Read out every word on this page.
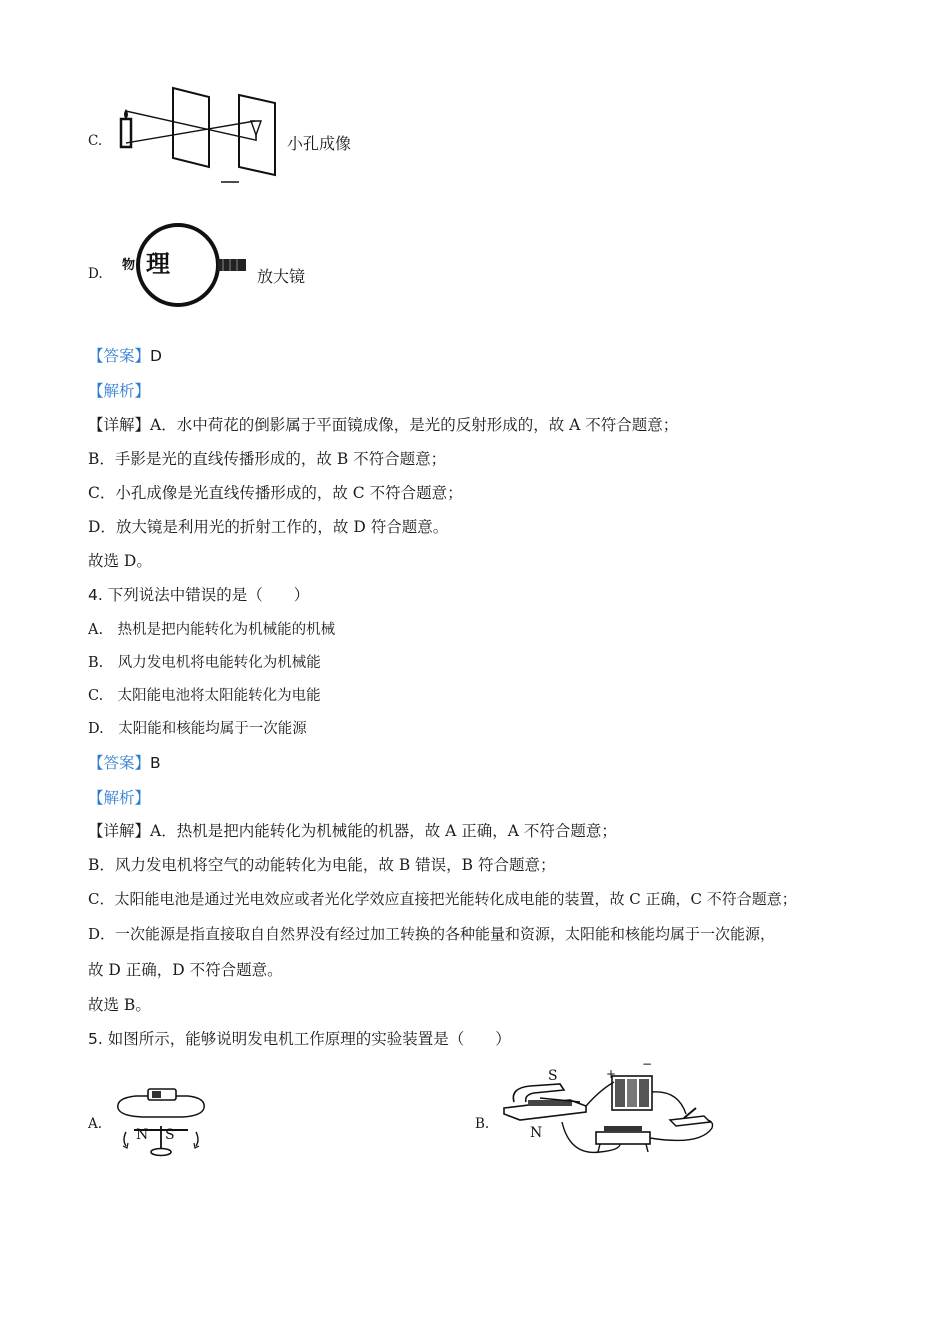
C.	小孔成像
D.
物 理	放大镜
【答案】D
【解析】
【详解】A．水中荷花的倒影属于平面镜成像，是光的反射形成的，故 A 不符合题意；
B．手影是光的直线传播形成的，故 B 不符合题意；
C．小孔成像是光直线传播形成的，故 C 不符合题意；
D．放大镜是利用光的折射工作的，故 D 符合题意。
故选 D。
4. 下列说法中错误的是（　　）
A.　热机是把内能转化为机械能的机械
B.　风力发电机将电能转化为机械能
C.　太阳能电池将太阳能转化为电能
D.　太阳能和核能均属于一次能源
【答案】B
【解析】
【详解】A．热机是把内能转化为机械能的机器，故 A 正确，A 不符合题意；
B．风力发电机将空气的动能转化为电能，故 B 错误，B 符合题意；
C．太阳能电池是通过光电效应或者光化学效应直接把光能转化成电能的装置，故 C 正确，C 不符合题意；
D．一次能源是指直接取自自然界没有经过加工转换的各种能量和资源，太阳能和核能均属于一次能源，
故 D 正确，D 不符合题意。
故选 B。
5. 如图所示，能够说明发电机工作原理的实验装置是（　　）
A.
N S
B.
S
N
+
−
